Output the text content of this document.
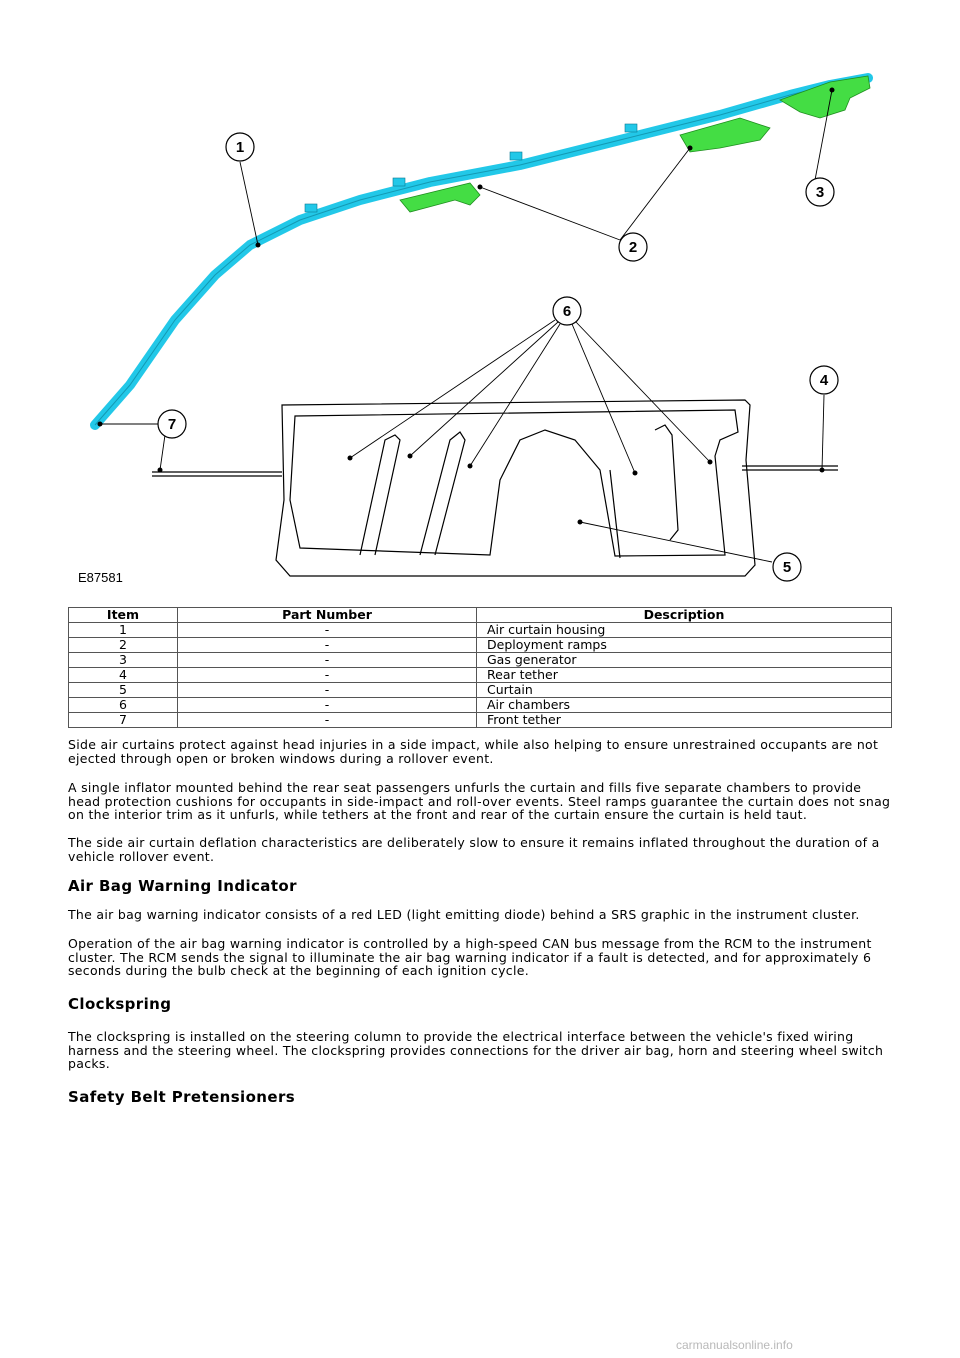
1
2
3
4
5
6
7
E87581
Item	Part Number	Description
1	-	Air curtain housing
2	-	Deployment ramps
3	-	Gas generator
4	-	Rear tether
5	-	Curtain
6	-	Air chambers
7	-	Front tether
Side air curtains protect against head injuries in a side impact, while also helping to ensure unrestrained occupants are not ejected through open or broken windows during a rollover event.
A single inflator mounted behind the rear seat passengers unfurls the curtain and fills five separate chambers to provide head protection cushions for occupants in side-impact and roll-over events. Steel ramps guarantee the curtain does not snag on the interior trim as it unfurls, while tethers at the front and rear of the curtain ensure the curtain is held taut.
The side air curtain deflation characteristics are deliberately slow to ensure it remains inflated throughout the duration of a vehicle rollover event.
Air Bag Warning Indicator
The air bag warning indicator consists of a red LED (light emitting diode) behind a SRS graphic in the instrument cluster.
Operation of the air bag warning indicator is controlled by a high-speed CAN bus message from the RCM to the instrument cluster. The RCM sends the signal to illuminate the air bag warning indicator if a fault is detected, and for approximately 6 seconds during the bulb check at the beginning of each ignition cycle.
Clockspring
The clockspring is installed on the steering column to provide the electrical interface between the vehicle's fixed wiring harness and the steering wheel. The clockspring provides connections for the driver air bag, horn and steering wheel switch packs.
Safety Belt Pretensioners
carmanualsonline.info
